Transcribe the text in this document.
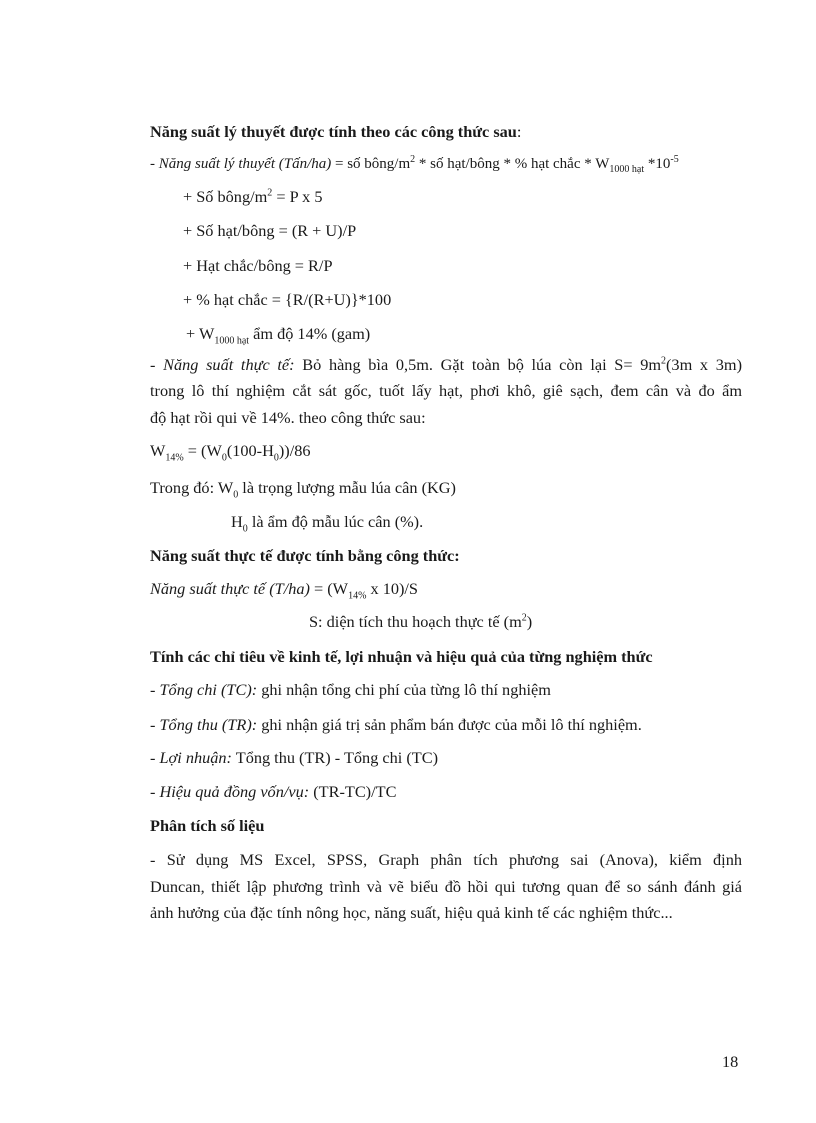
Năng suất lý thuyết được tính theo các công thức sau:
- Năng suất lý thuyết (Tấn/ha) = số bông/$m^2$ * số hạt/bông * % hạt chắc * $W_{1000 hạt}$ $*10^{-5}$
+ Số bông/$m^2 = P$ x 5
+ Số hạt/bông = (R + U)/P
+ Hạt chắc/bông = R/P
+ % hạt chắc = {R/(R+U)}*100
+ $W_{1000 hạt}$ ẩm độ 14% (gam)
- Năng suất thực tế: Bỏ hàng bìa 0,5m. Gặt toàn bộ lúa còn lại $S= 9m^2(3m$ x 3m)
trong lô thí nghiệm cắt sát gốc, tuốt lấy hạt, phơi khô, giê sạch, đem cân và đo ẩm
độ hạt rồi qui về 14%. theo công thức sau:
$W_{14\%} = (W_0(100-H_0))/86$
Trong đó: $W_0$ là trọng lượng mẫu lúa cân (KG)
$H_0$ là ẩm độ mẫu lúc cân (%).
Năng suất thực tế được tính bằng công thức:
Năng suất thực tế $(T/ha) = (W_{14\%}$ x 10)/S
S: diện tích thu hoạch thực tế $(m^2)$
Tính các chỉ tiêu về kinh tế, lợi nhuận và hiệu quả của từng nghiệm thức
- Tổng chi (TC): ghi nhận tổng chi phí của từng lô thí nghiệm
- Tổng thu (TR): ghi nhận giá trị sản phẩm bán được của mỗi lô thí nghiệm.
- Lợi nhuận: Tổng thu (TR) - Tổng chi (TC)
- Hiệu quả đồng vốn/vụ: (TR-TC)/TC
Phân tích số liệu
- Sử dụng MS Excel, SPSS, Graph phân tích phương sai (Anova), kiểm định
Duncan, thiết lập phương trình và vẽ biểu đồ hồi qui tương quan để so sánh đánh giá
ảnh hưởng của đặc tính nông học, năng suất, hiệu quả kinh tế các nghiệm thức...
18
